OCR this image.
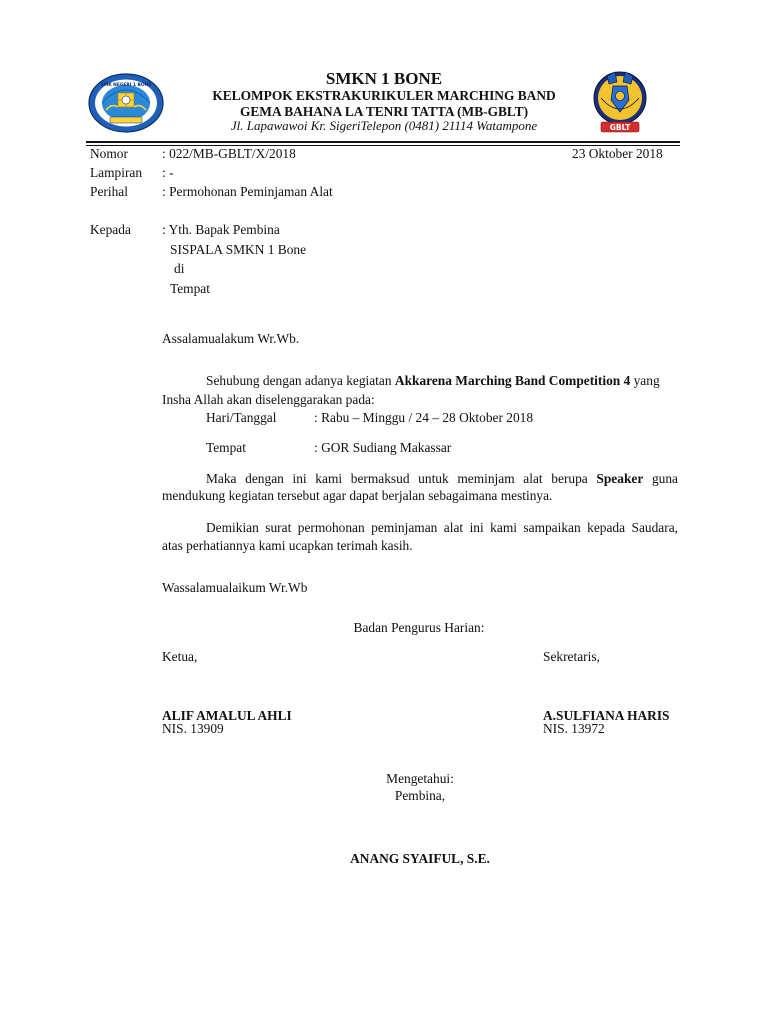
SMK NEGERI 1 BONE	SMKN 1 BONE
KELOMPOK EKSTRAKURIKULER MARCHING BAND
GEMA BAHANA LA TENRI TATTA (MB-GBLT)
Jl. Lapawawoi Kr. SigeriTelepon (0481) 21114 Watampone	GBLT
Nomor	: 022/MB-GBLT/X/2018	23 Oktober 2018
Lampiran : -
Perihal	: Permohonan Peminjaman Alat
Kepada : Yth. Bapak Pembina
SISPALA SMKN 1 Bone
di
Tempat
Assalamualakum Wr.Wb.
Sehubung dengan adanya kegiatan Akkarena Marching Band Competition 4 yang
Insha Allah akan diselenggarakan pada:
Hari/Tanggal	: Rabu – Minggu / 24 – 28 Oktober 2018
Tempat	: GOR Sudiang Makassar
Maka dengan ini kami bermaksud untuk meminjam alat berupa Speaker guna
mendukung kegiatan tersebut agar dapat berjalan sebagaimana mestinya.
Demikian surat permohonan peminjaman alat ini kami sampaikan kepada Saudara,
atas perhatiannya kami ucapkan terimah kasih.
Wassalamualaikum Wr.Wb
Badan Pengurus Harian:
Ketua,	Sekretaris,
ALIF AMALUL AHLI
NIS. 13909
A.SULFIANA HARIS
NIS. 13972
Mengetahui:
Pembina,
ANANG SYAIFUL, S.E.
